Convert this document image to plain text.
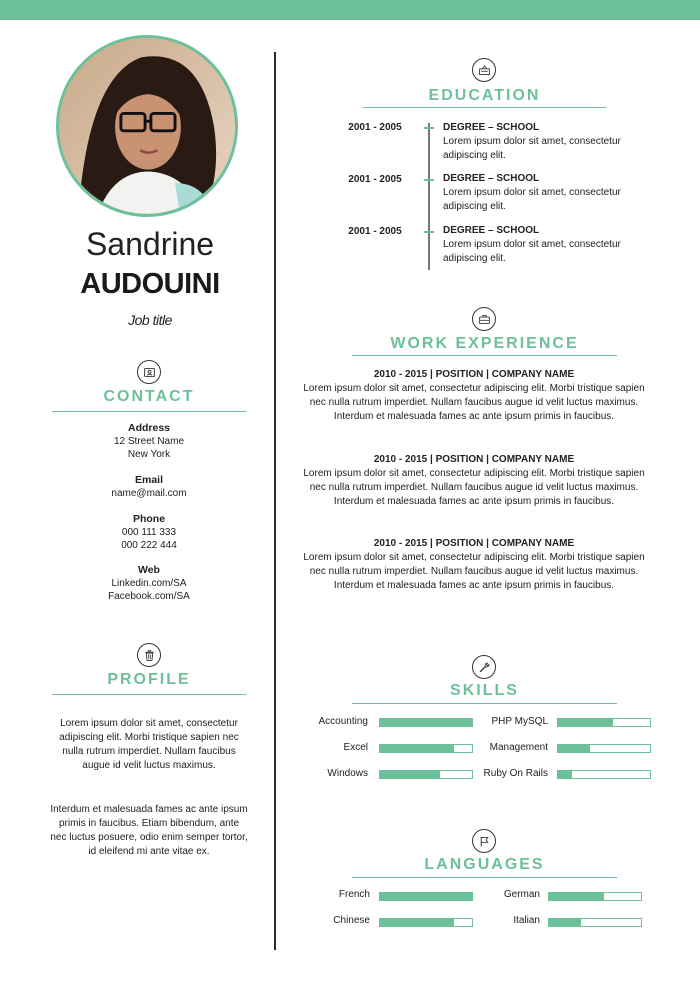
Sandrine
AUDOUINI
Job title
CONTACT
Address
12 Street Name
New York
Email
name@mail.com
Phone
000 111 333
000 222 444
Web
Linkedin.com/SA
Facebook.com/SA
PROFILE
Lorem ipsum dolor sit amet, consectetur adipiscing elit. Morbi tristique sapien nec nulla rutrum imperdiet. Nullam faucibus augue id velit luctus maximus.
Interdum et malesuada fames ac ante ipsum primis in faucibus. Etiam bibendum, ante nec luctus posuere, odio enim semper tortor, id eleifend mi ante vitae ex.
EDUCATION
2001 - 2005	DEGREE – SCHOOL
Lorem ipsum dolor sit amet, consectetur adipiscing elit.
2001 - 2005	DEGREE – SCHOOL
Lorem ipsum dolor sit amet, consectetur adipiscing elit.
2001 - 2005	DEGREE – SCHOOL
Lorem ipsum dolor sit amet, consectetur adipiscing elit.
WORK EXPERIENCE
2010 - 2015 | POSITION | COMPANY NAME
Lorem ipsum dolor sit amet, consectetur adipiscing elit. Morbi tristique sapien nec nulla rutrum imperdiet. Nullam faucibus augue id velit luctus maximus. Interdum et malesuada fames ac ante ipsum primis in faucibus.
2010 - 2015 | POSITION | COMPANY NAME
Lorem ipsum dolor sit amet, consectetur adipiscing elit. Morbi tristique sapien nec nulla rutrum imperdiet. Nullam faucibus augue id velit luctus maximus. Interdum et malesuada fames ac ante ipsum primis in faucibus.
2010 - 2015 | POSITION | COMPANY NAME
Lorem ipsum dolor sit amet, consectetur adipiscing elit. Morbi tristique sapien nec nulla rutrum imperdiet. Nullam faucibus augue id velit luctus maximus. Interdum et malesuada fames ac ante ipsum primis in faucibus.
SKILLS
Accounting	PHP MySQL
Excel	Management
Windows	Ruby On Rails
LANGUAGES
French	German
Chinese	Italian
